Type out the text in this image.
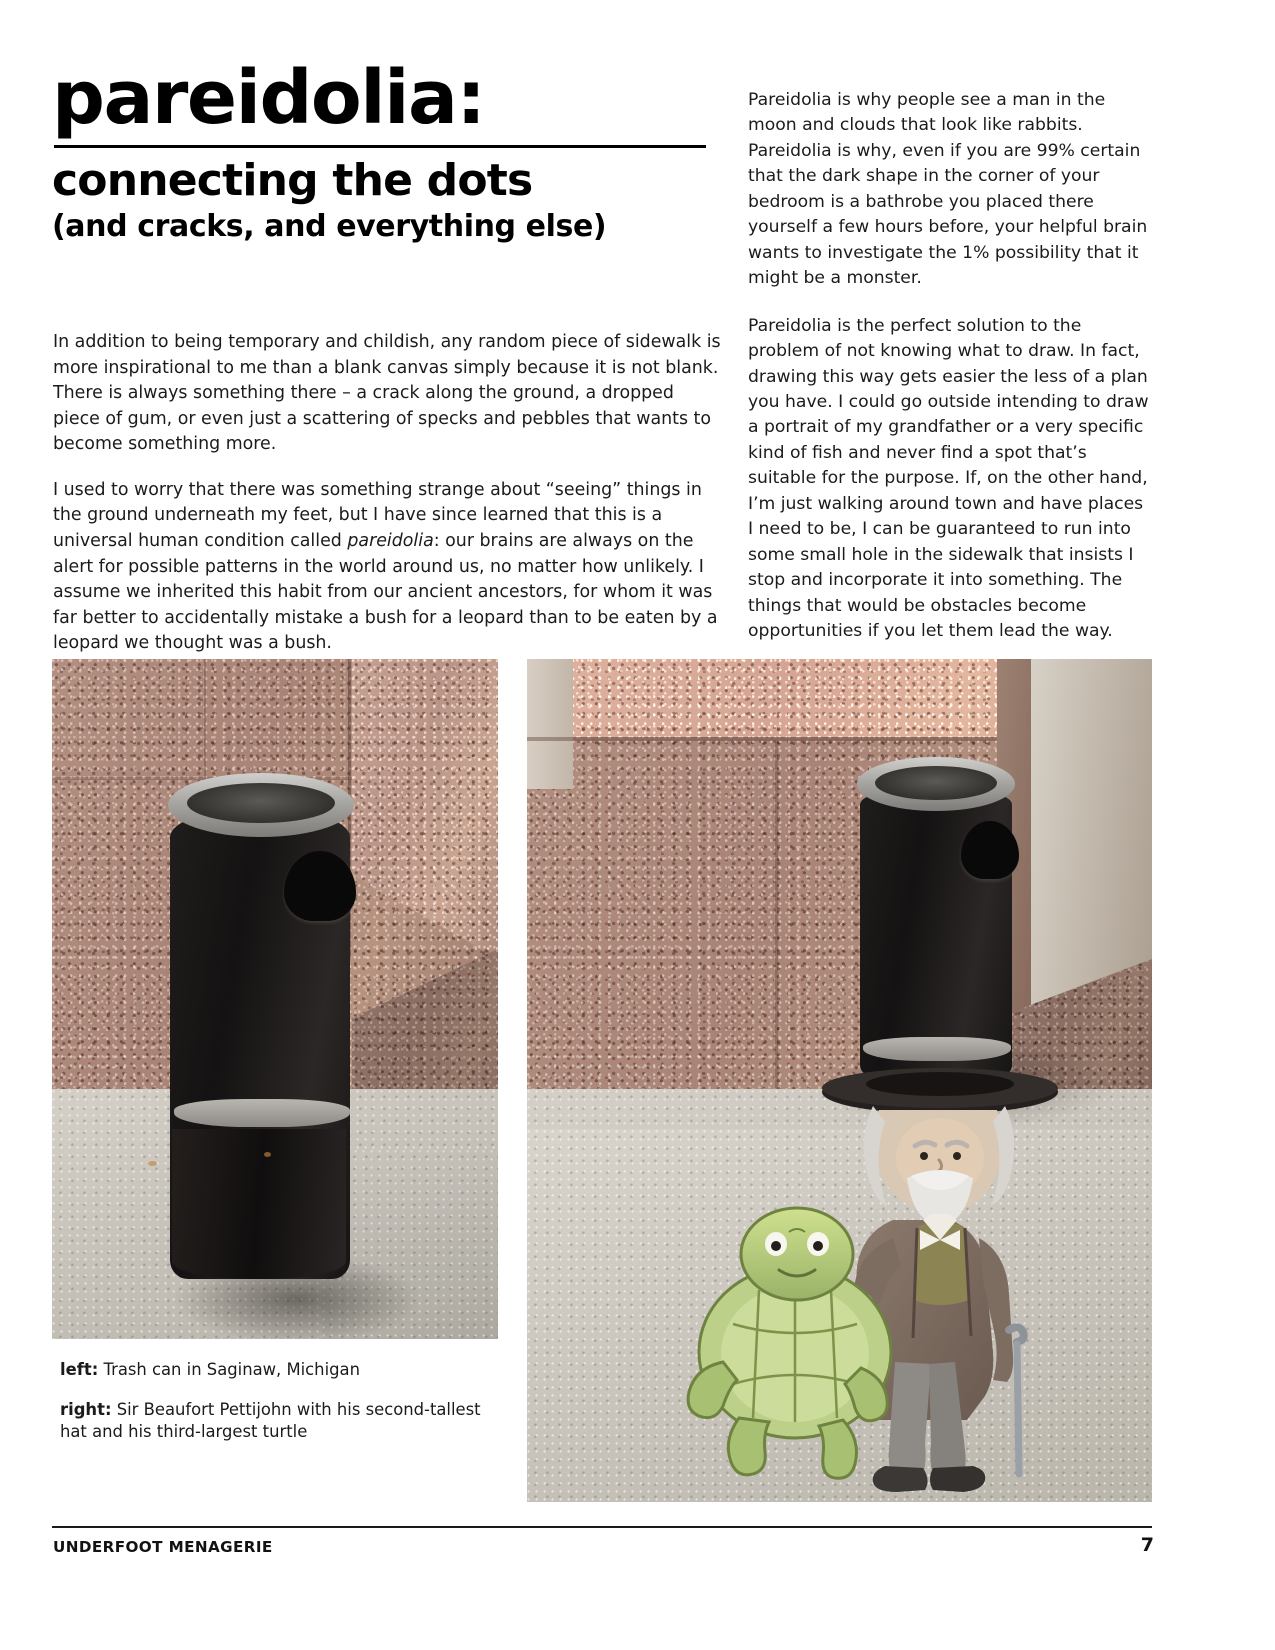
pareidolia:
connecting the dots
(and cracks, and everything else)

In addition to being temporary and childish, any random piece of sidewalk is more inspirational to me than a blank canvas simply because it is not blank. There is always something there – a crack along the ground, a dropped piece of gum, or even just a scattering of specks and pebbles that wants to become something more.

I used to worry that there was something strange about “seeing” things in the ground underneath my feet, but I have since learned that this is a universal human condition called pareidolia: our brains are always on the alert for possible patterns in the world around us, no matter how unlikely. I assume we inherited this habit from our ancient ancestors, for whom it was far better to accidentally mistake a bush for a leopard than to be eaten by a leopard we thought was a bush.

Pareidolia is why people see a man in the moon and clouds that look like rabbits. Pareidolia is why, even if you are 99% certain that the dark shape in the corner of your bedroom is a bathrobe you placed there yourself a few hours before, your helpful brain wants to investigate the 1% possibility that it might be a monster.

Pareidolia is the perfect solution to the problem of not knowing what to draw. In fact, drawing this way gets easier the less of a plan you have. I could go outside intending to draw a portrait of my grandfather or a very specific kind of fish and never find a spot that’s suitable for the purpose. If, on the other hand, I’m just walking around town and have places I need to be, I can be guaranteed to run into some small hole in the sidewalk that insists I stop and incorporate it into something. The things that would be obstacles become opportunities if you let them lead the way.

left: Trash can in Saginaw, Michigan

right: Sir Beaufort Pettijohn with his second-tallest hat and his third-largest turtle

UNDERFOOT MENAGERIE	7
